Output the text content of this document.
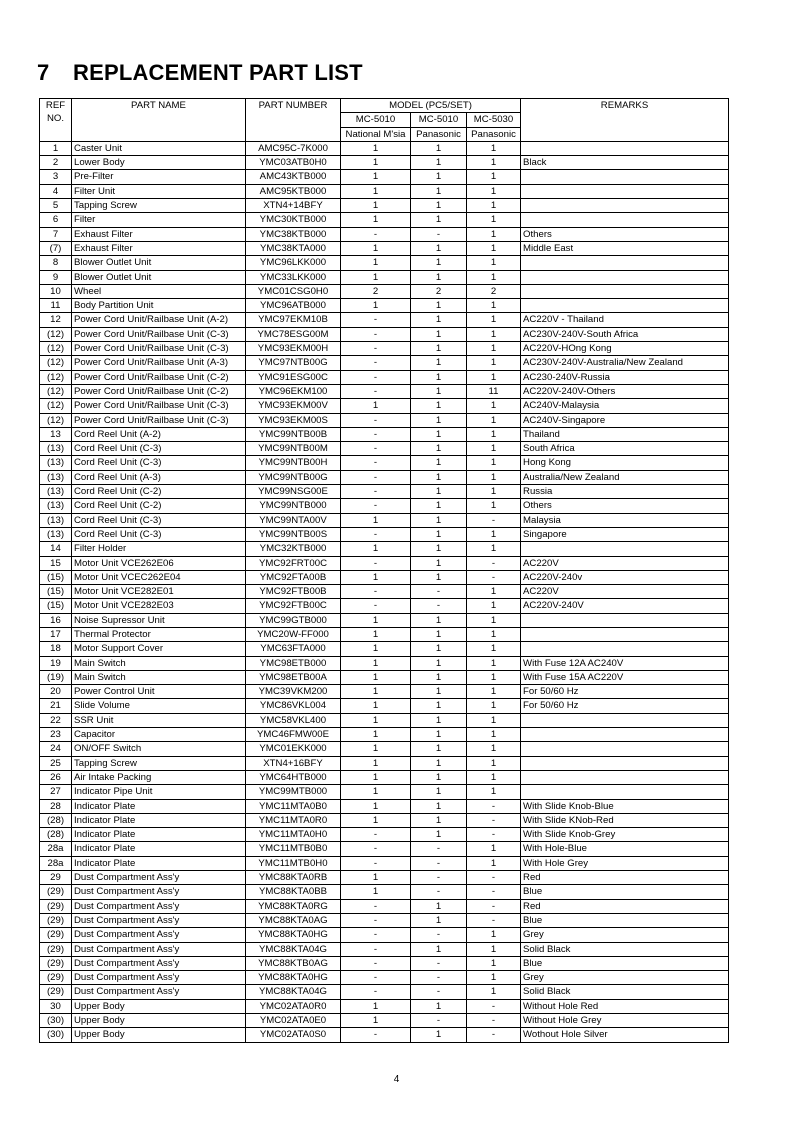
7 REPLACEMENT PART LIST
REF
NO.	PART NAME	PART NUMBER	MODEL (PC5/SET)			REMARKS
			MC-5010	MC-5010	MC-5030	
			National M'sia	Panasonic	Panasonic	
1	Caster Unit	AMC95C-7K000	1	1	1	
2	Lower Body	YMC03ATB0H0	1	1	1	Black
3	Pre-Filter	AMC43KTB000	1	1	1	
4	Filter Unit	AMC95KTB000	1	1	1	
5	Tapping Screw	XTN4+14BFY	1	1	1	
6	Filter	YMC30KTB000	1	1	1	
7	Exhaust Filter	YMC38KTB000	-	-	1	Others
(7)	Exhaust Filter	YMC38KTA000	1	1	1	Middle East
8	Blower Outlet Unit	YMC96LKK000	1	1	1	
9	Blower Outlet Unit	YMC33LKK000	1	1	1	
10	Wheel	YMC01CSG0H0	2	2	2	
11	Body Partition Unit	YMC96ATB000	1	1	1	
12	Power Cord Unit/Railbase Unit (A-2)	YMC97EKM10B	-	1	1	AC220V - Thailand
(12)	Power Cord Unit/Railbase Unit (C-3)	YMC78ESG00M	-	1	1	AC230V-240V-South Africa
(12)	Power Cord Unit/Railbase Unit (C-3)	YMC93EKM00H	-	1	1	AC220V-HOng Kong
(12)	Power Cord Unit/Railbase Unit (A-3)	YMC97NTB00G	-	1	1	AC230V-240V-Australia/New Zealand
(12)	Power Cord Unit/Railbase Unit (C-2)	YMC91ESG00C	-	1	1	AC230-240V-Russia
(12)	Power Cord Unit/Railbase Unit (C-2)	YMC96EKM100	-	1	11	AC220V-240V-Others
(12)	Power Cord Unit/Railbase Unit (C-3)	YMC93EKM00V	1	1	1	AC240V-Malaysia
(12)	Power Cord Unit/Railbase Unit (C-3)	YMC93EKM00S	-	1	1	AC240V-Singapore
13	Cord Reel Unit (A-2)	YMC99NTB00B	-	1	1	Thailand
(13)	Cord Reel Unit (C-3)	YMC99NTB00M	-	1	1	South Africa
(13)	Cord Reel Unit (C-3)	YMC99NTB00H	-	1	1	Hong Kong
(13)	Cord Reel Unit (A-3)	YMC99NTB00G	-	1	1	Australia/New Zealand
(13)	Cord Reel Unit (C-2)	YMC99NSG00E	-	1	1	Russia
(13)	Cord Reel Unit (C-2)	YMC99NTB000	-	1	1	Others
(13)	Cord Reel Unit (C-3)	YMC99NTA00V	1	1	-	Malaysia
(13)	Cord Reel Unit (C-3)	YMC99NTB00S	-	1	1	Singapore
14	Filter Holder	YMC32KTB000	1	1	1	
15	Motor Unit VCE262E06	YMC92FRT00C	-	1	-	AC220V
(15)	Motor Unit VCEC262E04	YMC92FTA00B	1	1	-	AC220V-240v
(15)	Motor Unit VCE282E01	YMC92FTB00B	-	-	1	AC220V
(15)	Motor Unit VCE282E03	YMC92FTB00C	-	-	1	AC220V-240V
16	Noise Supressor Unit	YMC99GTB000	1	1	1	
17	Thermal Protector	YMC20W-FF000	1	1	1	
18	Motor Support Cover	YMC63FTA000	1	1	1	
19	Main Switch	YMC98ETB000	1	1	1	With Fuse 12A AC240V
(19)	Main Switch	YMC98ETB00A	1	1	1	With Fuse 15A AC220V
20	Power Control Unit	YMC39VKM200	1	1	1	For 50/60 Hz
21	Slide Volume	YMC86VKL004	1	1	1	For 50/60 Hz
22	SSR Unit	YMC58VKL400	1	1	1	
23	Capacitor	YMC46FMW00E	1	1	1	
24	ON/OFF Switch	YMC01EKK000	1	1	1	
25	Tapping Screw	XTN4+16BFY	1	1	1	
26	Air Intake Packing	YMC64HTB000	1	1	1	
27	Indicator Pipe Unit	YMC99MTB000	1	1	1	
28	Indicator Plate	YMC11MTA0B0	1	1	-	With Slide Knob-Blue
(28)	Indicator Plate	YMC11MTA0R0	1	1	-	With Slide KNob-Red
(28)	Indicator Plate	YMC11MTA0H0	-	1	-	With Slide Knob-Grey
28a	Indicator Plate	YMC11MTB0B0	-	-	1	With Hole-Blue
28a	Indicator Plate	YMC11MTB0H0	-	-	1	With Hole Grey
29	Dust Compartment Ass'y	YMC88KTA0RB	1	-	-	Red
(29)	Dust Compartment Ass'y	YMC88KTA0BB	1	-	-	Blue
(29)	Dust Compartment Ass'y	YMC88KTA0RG	-	1	-	Red
(29)	Dust Compartment Ass'y	YMC88KTA0AG	-	1	-	Blue
(29)	Dust Compartment Ass'y	YMC88KTA0HG	-	-	1	Grey
(29)	Dust Compartment Ass'y	YMC88KTA04G	-	1	1	Solid Black
(29)	Dust Compartment Ass'y	YMC88KTB0AG	-	-	1	Blue
(29)	Dust Compartment Ass'y	YMC88KTA0HG	-	-	1	Grey
(29)	Dust Compartment Ass'y	YMC88KTA04G	-	-	1	Solid Black
30	Upper Body	YMC02ATA0R0	1	1	-	Without Hole Red
(30)	Upper Body	YMC02ATA0E0	1	-	-	Without Hole Grey
(30)	Upper Body	YMC02ATA0S0	-	1	-	Wothout Hole Silver
4
